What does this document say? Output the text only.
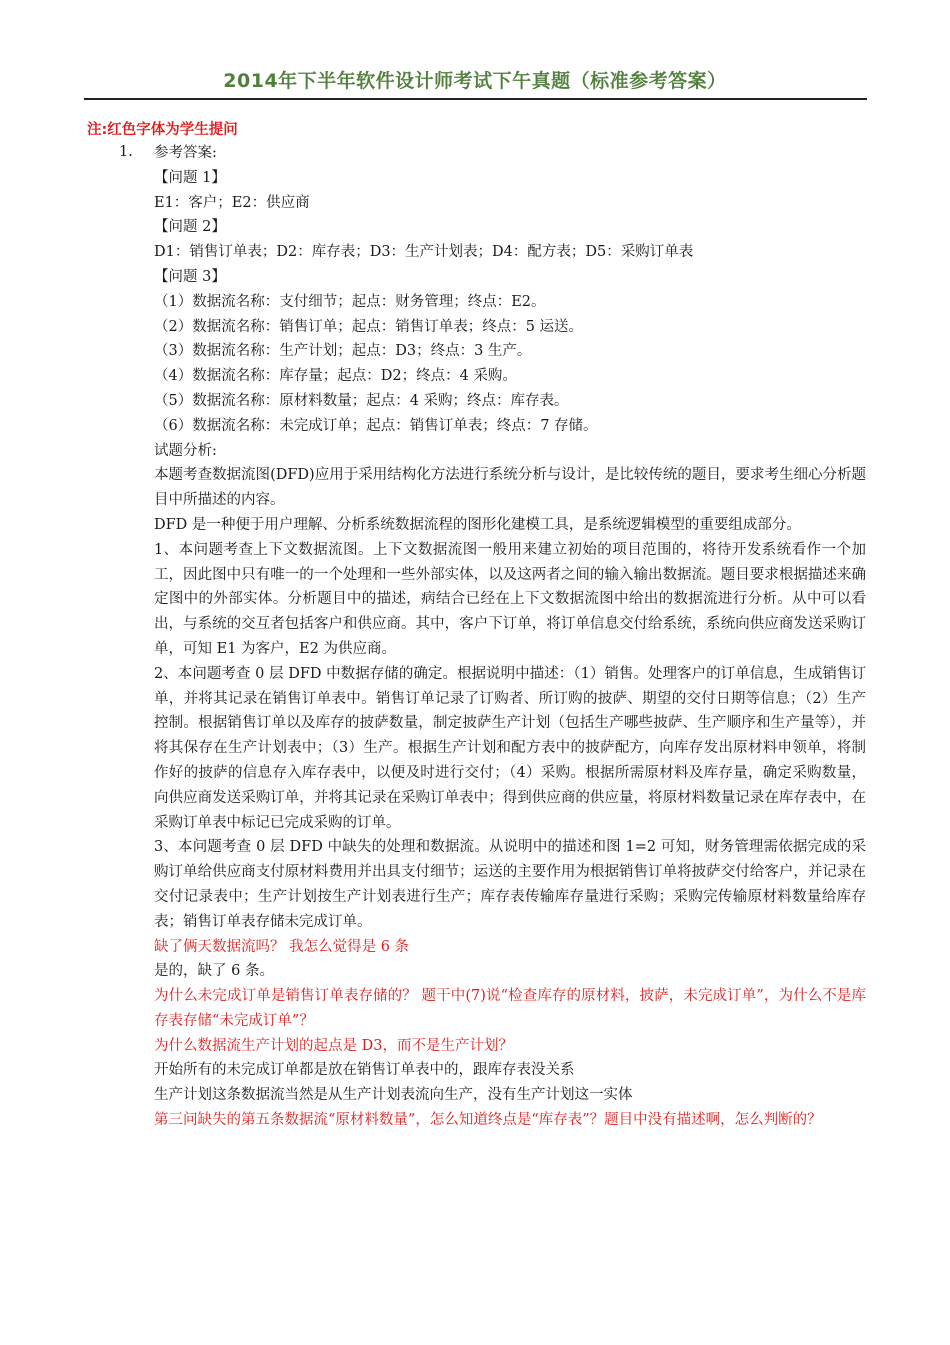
2014年下半年软件设计师考试下午真题（标准参考答案）
注:红色字体为学生提问
1. 参考答案:
【问题 1】
E1：客户；E2：供应商
【问题 2】
D1：销售订单表；D2：库存表；D3：生产计划表；D4：配方表；D5：采购订单表
【问题 3】
（1）数据流名称：支付细节；起点：财务管理；终点：E2。
（2）数据流名称：销售订单；起点：销售订单表；终点：5 运送。
（3）数据流名称：生产计划；起点：D3；终点：3 生产。
（4）数据流名称：库存量；起点：D2；终点：4 采购。
（5）数据流名称：原材料数量；起点：4 采购；终点：库存表。
（6）数据流名称：未完成订单；起点：销售订单表；终点：7 存储。
试题分析:
本题考查数据流图(DFD)应用于采用结构化方法进行系统分析与设计，是比较传统的题目，要求考生细心分析题目中所描述的内容。
DFD 是一种便于用户理解、分析系统数据流程的图形化建模工具，是系统逻辑模型的重要组成部分。
1、本问题考查上下文数据流图。上下文数据流图一般用来建立初始的项目范围的，将待开发系统看作一个加工，因此图中只有唯一的一个处理和一些外部实体，以及这两者之间的输入输出数据流。题目要求根据描述来确定图中的外部实体。分析题目中的描述，病结合已经在上下文数据流图中给出的数据流进行分析。从中可以看出，与系统的交互者包括客户和供应商。其中，客户下订单，将订单信息交付给系统，系统向供应商发送采购订单，可知 E1 为客户，E2 为供应商。
2、本问题考查 0 层 DFD 中数据存储的确定。根据说明中描述：（1）销售。处理客户的订单信息，生成销售订单，并将其记录在销售订单表中。销售订单记录了订购者、所订购的披萨、期望的交付日期等信息；（2）生产控制。根据销售订单以及库存的披萨数量，制定披萨生产计划（包括生产哪些披萨、生产顺序和生产量等），并将其保存在生产计划表中；（3）生产。根据生产计划和配方表中的披萨配方，向库存发出原材料申领单，将制作好的披萨的信息存入库存表中，以便及时进行交付；（4）采购。根据所需原材料及库存量，确定采购数量，向供应商发送采购订单，并将其记录在采购订单表中；得到供应商的供应量，将原材料数量记录在库存表中，在采购订单表中标记已完成采购的订单。
3、本问题考查 0 层 DFD 中缺失的处理和数据流。从说明中的描述和图 1=2 可知，财务管理需依据完成的采购订单给供应商支付原材料费用并出具支付细节；运送的主要作用为根据销售订单将披萨交付给客户，并记录在交付记录表中；生产计划按生产计划表进行生产；库存表传输库存量进行采购；采购完传输原材料数量给库存表；销售订单表存储未完成订单。
缺了俩天数据流吗？ 我怎么觉得是 6 条
是的，缺了 6 条。
为什么未完成订单是销售订单表存储的？ 题干中(7)说“检查库存的原材料，披萨，未完成订单”，为什么不是库存表存储“未完成订单”？
为什么数据流生产计划的起点是 D3，而不是生产计划？
开始所有的未完成订单都是放在销售订单表中的，跟库存表没关系
生产计划这条数据流当然是从生产计划表流向生产，没有生产计划这一实体
第三问缺失的第五条数据流“原材料数量”，怎么知道终点是“库存表”？题目中没有描述啊，怎么判断的？
